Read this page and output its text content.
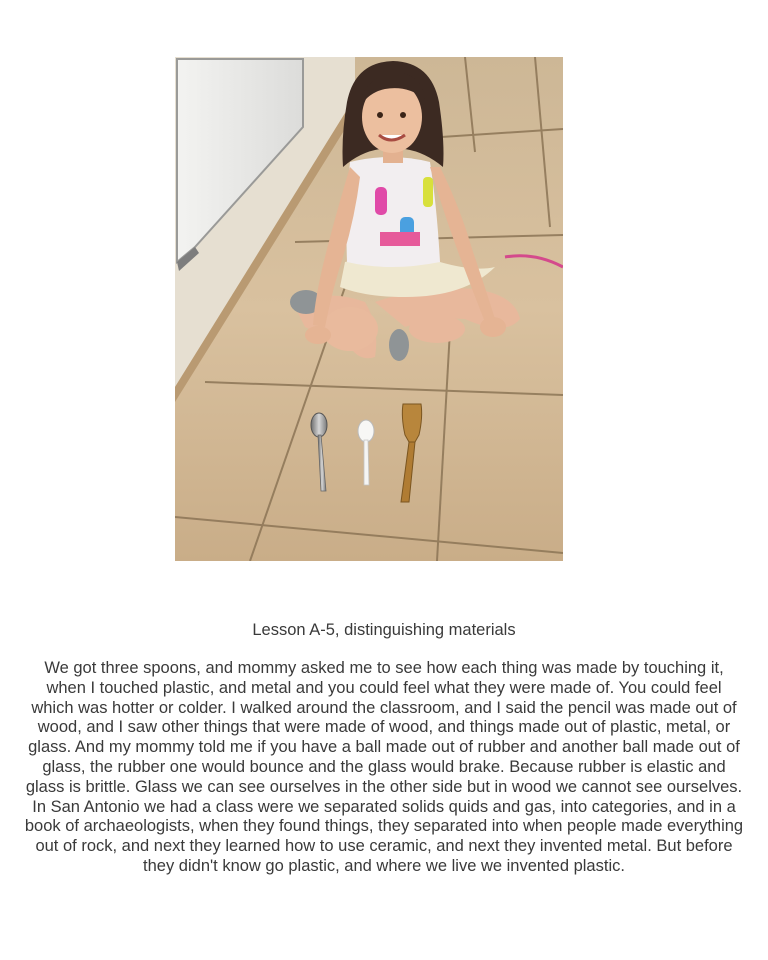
Lesson A-5, distinguishing materials
We got three spoons, and mommy asked me to see how each thing was made by touching it, when I touched plastic, and metal and you could feel what they were made of. You could feel which was hotter or colder. I walked around the classroom, and I said the pencil was made out of wood, and I saw other things that were made of wood, and things made out of plastic, metal, or glass. And my mommy told me if you have a ball made out of rubber and another ball made out of glass, the rubber one would bounce and the glass would brake. Because rubber is elastic and glass is brittle. Glass we can see ourselves in the other side but in wood we cannot see ourselves. In San Antonio we had a class were we separated solids quids and gas, into categories, and in a book of archaeologists, when they found things, they separated into when people made everything out of rock, and next they learned how to use ceramic, and next they invented metal. But before they didn't know go plastic, and where we live we invented plastic.
